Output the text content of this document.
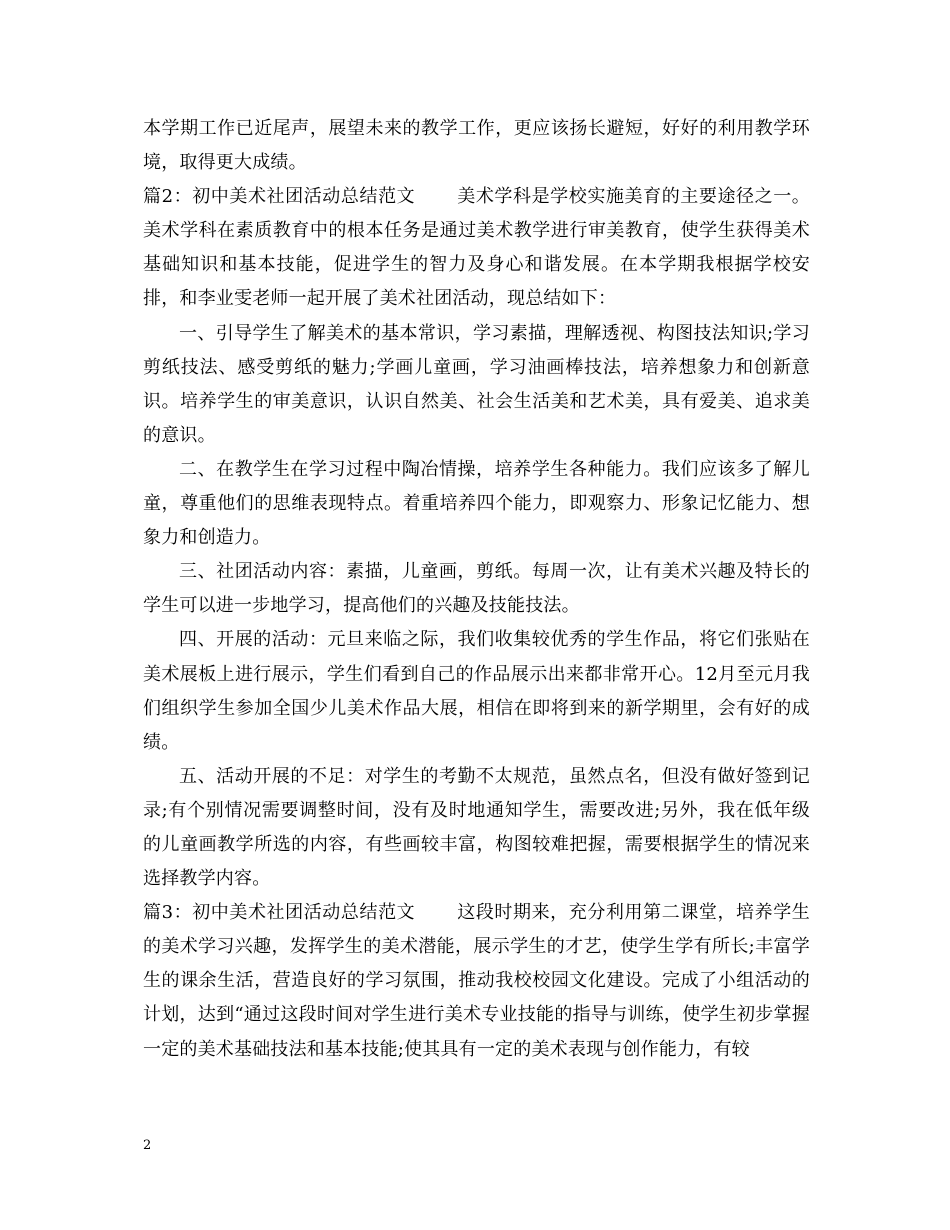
本学期工作已近尾声，展望未来的教学工作，更应该扬长避短，好好的利用教学环境，取得更大成绩。

篇2：初中美术社团活动总结范文 美术学科是学校实施美育的主要途径之一。美术学科在素质教育中的根本任务是通过美术教学进行审美教育，使学生获得美术基础知识和基本技能，促进学生的智力及身心和谐发展。在本学期我根据学校安排，和李业雯老师一起开展了美术社团活动，现总结如下：

一、引导学生了解美术的基本常识，学习素描，理解透视、构图技法知识;学习剪纸技法、感受剪纸的魅力;学画儿童画，学习油画棒技法，培养想象力和创新意识。培养学生的审美意识，认识自然美、社会生活美和艺术美，具有爱美、追求美的意识。

二、在教学生在学习过程中陶冶情操，培养学生各种能力。我们应该多了解儿童，尊重他们的思维表现特点。着重培养四个能力，即观察力、形象记忆能力、想象力和创造力。

三、社团活动内容：素描，儿童画，剪纸。每周一次，让有美术兴趣及特长的学生可以进一步地学习，提高他们的兴趣及技能技法。

四、开展的活动：元旦来临之际，我们收集较优秀的学生作品，将它们张贴在美术展板上进行展示，学生们看到自己的作品展示出来都非常开心。12月至元月我们组织学生参加全国少儿美术作品大展，相信在即将到来的新学期里，会有好的成绩。

五、活动开展的不足：对学生的考勤不太规范，虽然点名，但没有做好签到记录;有个别情况需要调整时间，没有及时地通知学生，需要改进;另外，我在低年级的儿童画教学所选的内容，有些画较丰富，构图较难把握，需要根据学生的情况来选择教学内容。

篇3：初中美术社团活动总结范文 这段时期来，充分利用第二课堂，培养学生的美术学习兴趣，发挥学生的美术潜能，展示学生的才艺，使学生学有所长;丰富学生的课余生活，营造良好的学习氛围，推动我校校园文化建设。完成了小组活动的计划，达到“通过这段时间对学生进行美术专业技能的指导与训练，使学生初步掌握一定的美术基础技法和基本技能;使其具有一定的美术表现与创作能力，有较

2
